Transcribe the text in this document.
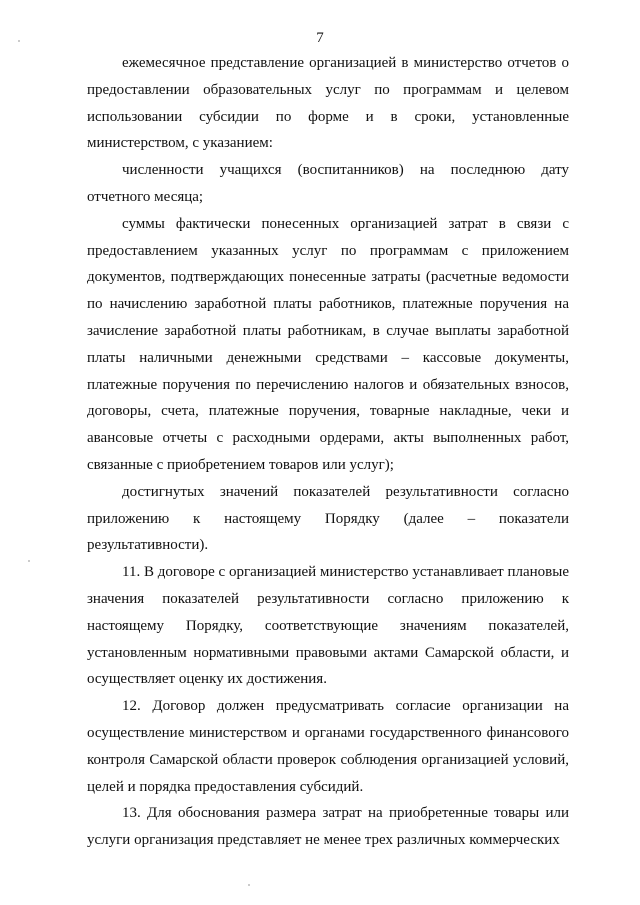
7

ежемесячное представление организацией в министерство отчетов о предоставлении образовательных услуг по программам и целевом использовании субсидии по форме и в сроки, установленные министерством, с указанием:

численности учащихся (воспитанников) на последнюю дату отчетного месяца;

суммы фактически понесенных организацией затрат в связи с предоставлением указанных услуг по программам с приложением документов, подтверждающих понесенные затраты (расчетные ведомости по начислению заработной платы работников, платежные поручения на зачисление заработной платы работникам, в случае выплаты заработной платы наличными денежными средствами – кассовые документы, платежные поручения по перечислению налогов и обязательных взносов, договоры, счета, платежные поручения, товарные накладные, чеки и авансовые отчеты с расходными ордерами, акты выполненных работ, связанные с приобретением товаров или услуг);

достигнутых значений показателей результативности согласно приложению к настоящему Порядку (далее – показатели результативности).

11. В договоре с организацией министерство устанавливает плановые значения показателей результативности согласно приложению к настоящему Порядку, соответствующие значениям показателей, установленным нормативными правовыми актами Самарской области, и осуществляет оценку их достижения.

12. Договор должен предусматривать согласие организации на осуществление министерством и органами государственного финансового контроля Самарской области проверок соблюдения организацией условий, целей и порядка предоставления субсидий.

13. Для обоснования размера затрат на приобретенные товары или услуги организация представляет не менее трех различных коммерческих
